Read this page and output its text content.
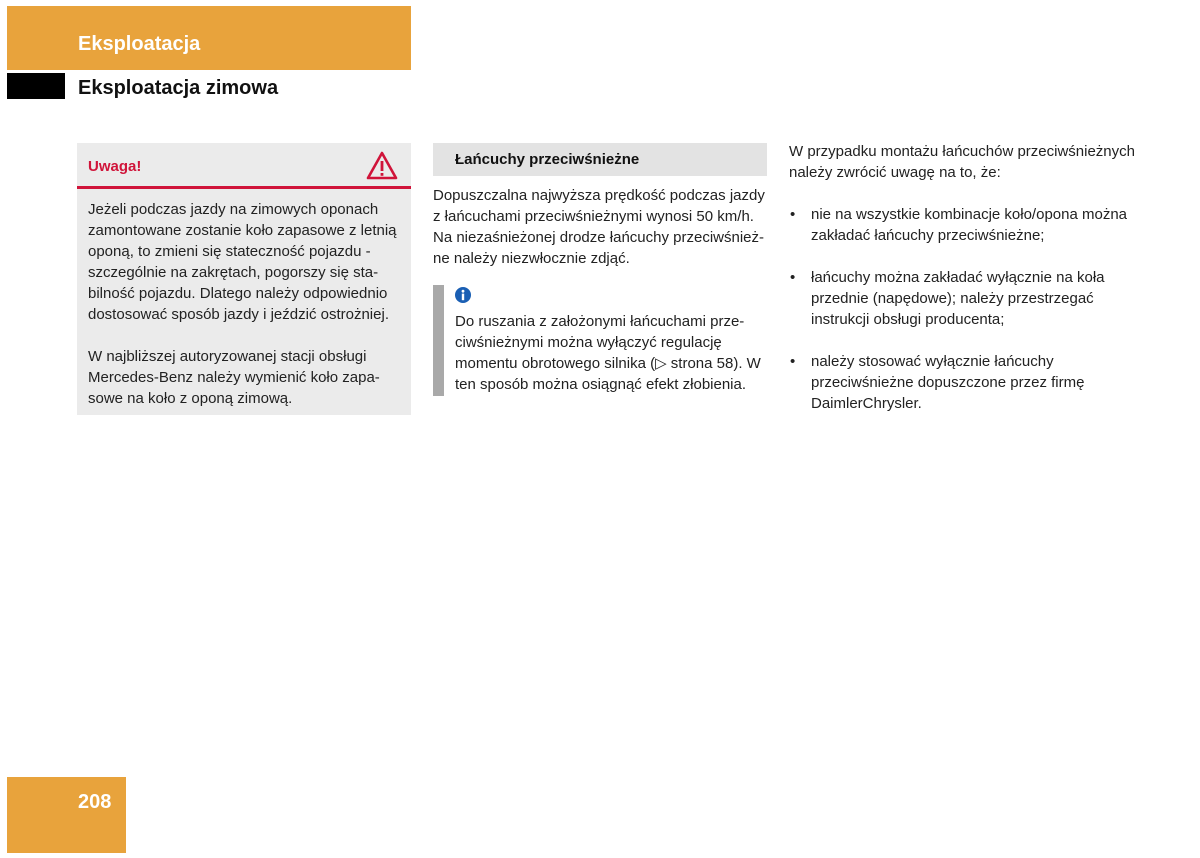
Eksploatacja
Eksploatacja zimowa
Uwaga!

Jeżeli podczas jazdy na zimowych oponach zamontowane zostanie koło zapasowe z letnią oponą, to zmieni się stateczność pojazdu - szczególnie na zakrętach, pogorszy się stabilność pojazdu. Dlatego należy odpowiednio dostosować sposób jazdy i jeździć ostrożniej.

W najbliższej autoryzowanej stacji obsługi Mercedes-Benz należy wymienić koło zapasowe na koło z oponą zimową.

Łańcuchy przeciwśnieżne
Dopuszczalna najwyższa prędkość podczas jazdy z łańcuchami przeciwśnieżnymi wynosi 50 km/h. Na niezaśnieżonej drodze łańcuchy przeciwśnieżne należy niezwłocznie zdjąć.
Do ruszania z założonymi łańcuchami przeciwśnieżnymi można wyłączyć regulację momentu obrotowego silnika (▷ strona 58). W ten sposób można osiągnąć efekt złobienia.

W przypadku montażu łańcuchów przeciwśnieżnych należy zwrócić uwagę na to, że:

• nie na wszystkie kombinacje koło/opona można zakładać łańcuchy przeciwśnieżne;
• łańcuchy można zakładać wyłącznie na koła przednie (napędowe); należy przestrzegać instrukcji obsługi producenta;
• należy stosować wyłącznie łańcuchy przeciwśnieżne dopuszczone przez firmę DaimlerChrysler.
208
